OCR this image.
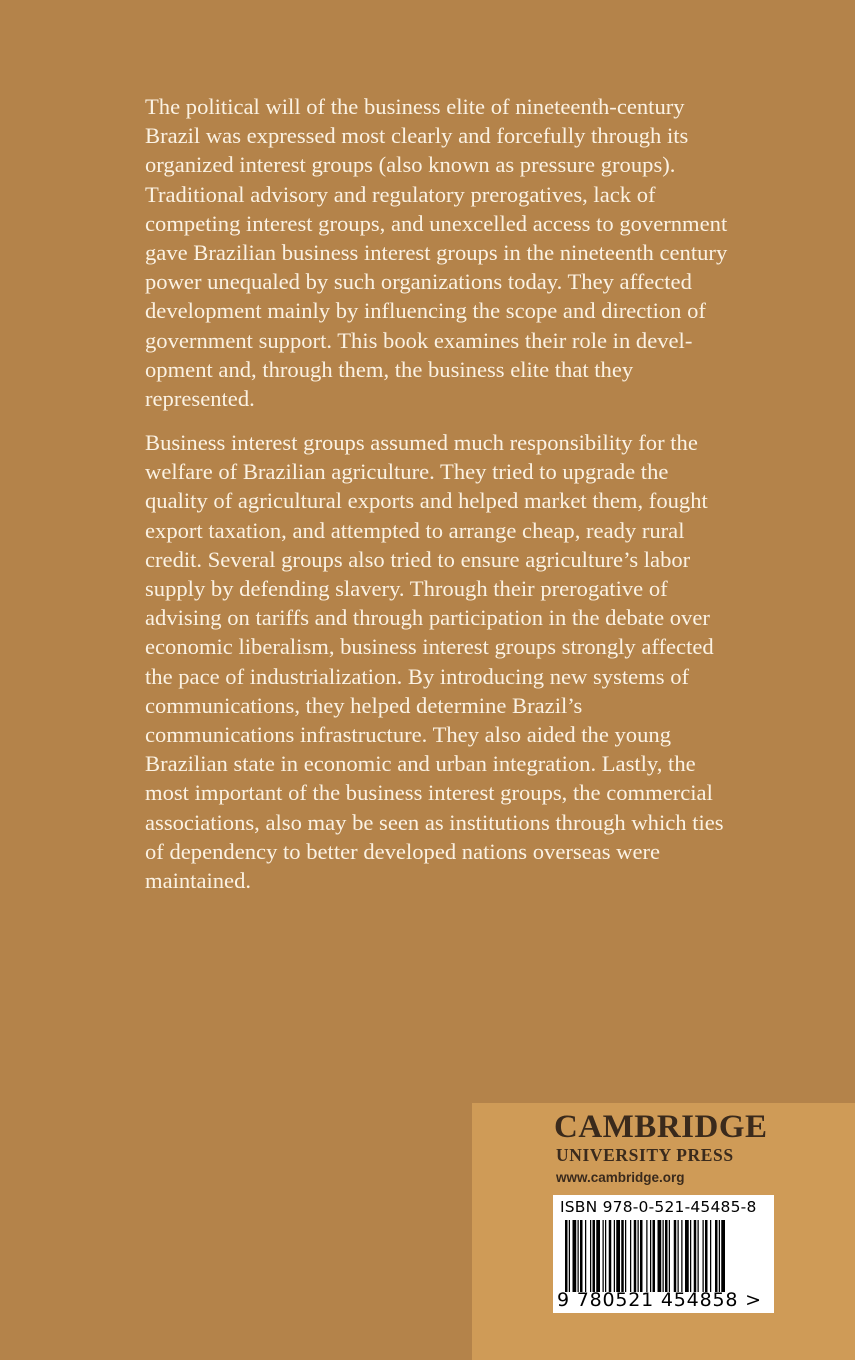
The political will of the business elite of nineteenth-century
Brazil was expressed most clearly and forcefully through its
organized interest groups (also known as pressure groups).
Traditional advisory and regulatory prerogatives, lack of
competing interest groups, and unexcelled access to government
gave Brazilian business interest groups in the nineteenth century
power unequaled by such organizations today. They affected
development mainly by influencing the scope and direction of
government support. This book examines their role in devel-
opment and, through them, the business elite that they
represented.

Business interest groups assumed much responsibility for the
welfare of Brazilian agriculture. They tried to upgrade the
quality of agricultural exports and helped market them, fought
export taxation, and attempted to arrange cheap, ready rural
credit. Several groups also tried to ensure agriculture’s labor
supply by defending slavery. Through their prerogative of
advising on tariffs and through participation in the debate over
economic liberalism, business interest groups strongly affected
the pace of industrialization. By introducing new systems of
communications, they helped determine Brazil’s
communications infrastructure. They also aided the young
Brazilian state in economic and urban integration. Lastly, the
most important of the business interest groups, the commercial
associations, also may be seen as institutions through which ties
of dependency to better developed nations overseas were
maintained.

CAMBRIDGE
UNIVERSITY PRESS
www.cambridge.org
ISBN 978-0-521-45485-8
9 780521 454858 >
